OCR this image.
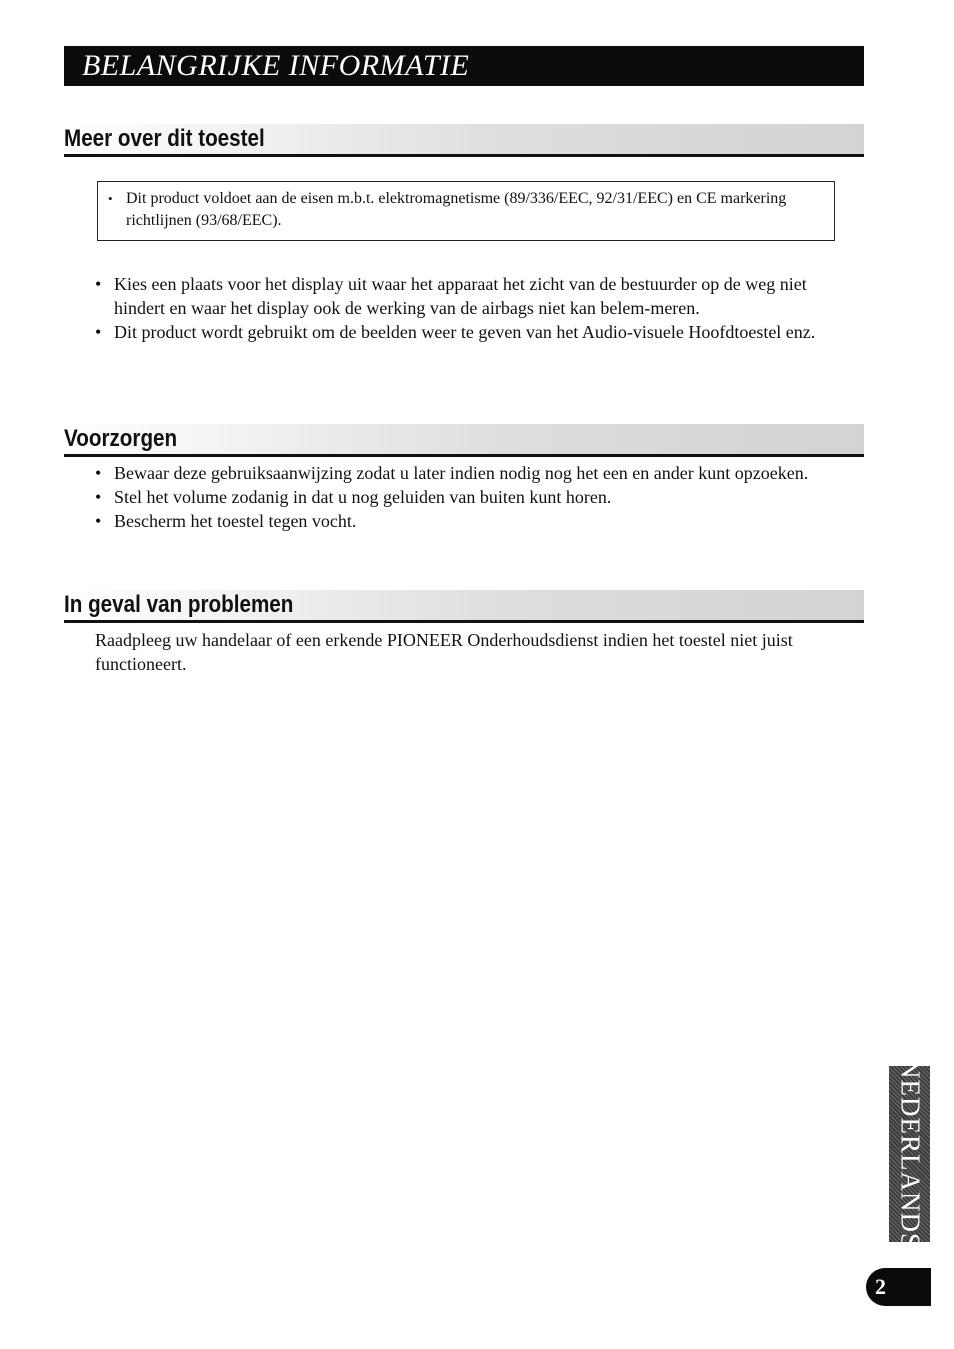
BELANGRIJKE INFORMATIE
Meer over dit toestel
• Dit product voldoet aan de eisen m.b.t. elektromagnetisme (89/336/EEC, 92/31/EEC) en CE markering richtlijnen (93/68/EEC).
• Kies een plaats voor het display uit waar het apparaat het zicht van de bestuurder op de weg niet hindert en waar het display ook de werking van de airbags niet kan belem-meren.
• Dit product wordt gebruikt om de beelden weer te geven van het Audio-visuele Hoofdtoestel enz.
Voorzorgen
• Bewaar deze gebruiksaanwijzing zodat u later indien nodig nog het een en ander kunt opzoeken.
• Stel het volume zodanig in dat u nog geluiden van buiten kunt horen.
• Bescherm het toestel tegen vocht.
In geval van problemen

Raadpleeg uw handelaar of een erkende PIONEER Onderhoudsdienst indien het toestel niet juist functioneert.

NEDERLANDS
2
